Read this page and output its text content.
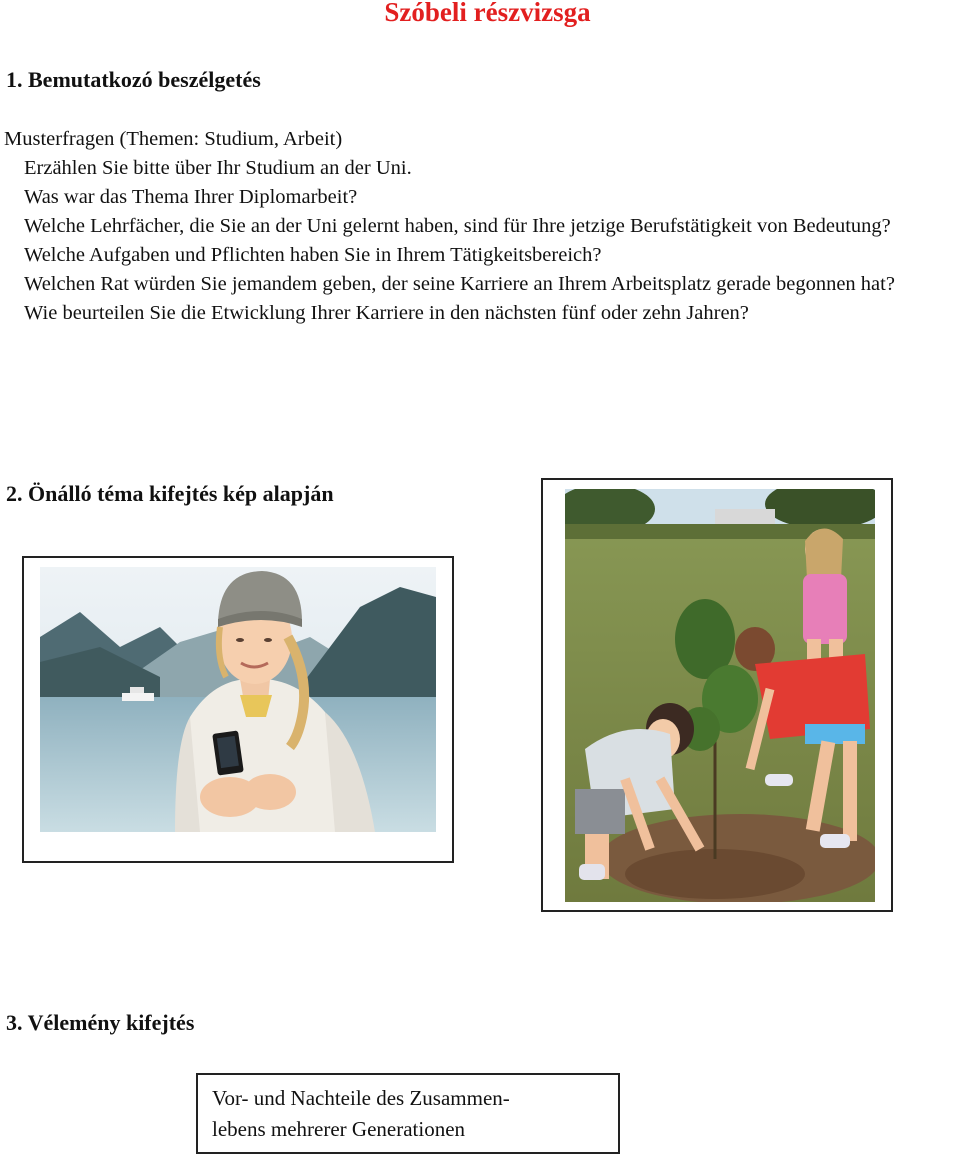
Szóbeli részvizsga
1. Bemutatkozó beszélgetés

Musterfragen (Themen: Studium, Arbeit)

Erzählen Sie bitte über Ihr Studium an der Uni.

Was war das Thema Ihrer Diplomarbeit?

Welche Lehrfächer, die Sie an der Uni gelernt haben, sind für Ihre jetzige Berufstätigkeit von Bedeutung?

Welche Aufgaben und Pflichten haben Sie in Ihrem Tätigkeitsbereich?

Welchen Rat würden Sie jemandem geben, der seine Karriere an Ihrem Arbeitsplatz gerade begonnen hat?

Wie beurteilen Sie die Etwicklung Ihrer Karriere in den nächsten fünf oder zehn Jahren?

2. Önálló téma kifejtés kép alapján
3. Vélemény kifejtés
Vor- und Nachteile des Zusammen-
lebens mehrerer Generationen
